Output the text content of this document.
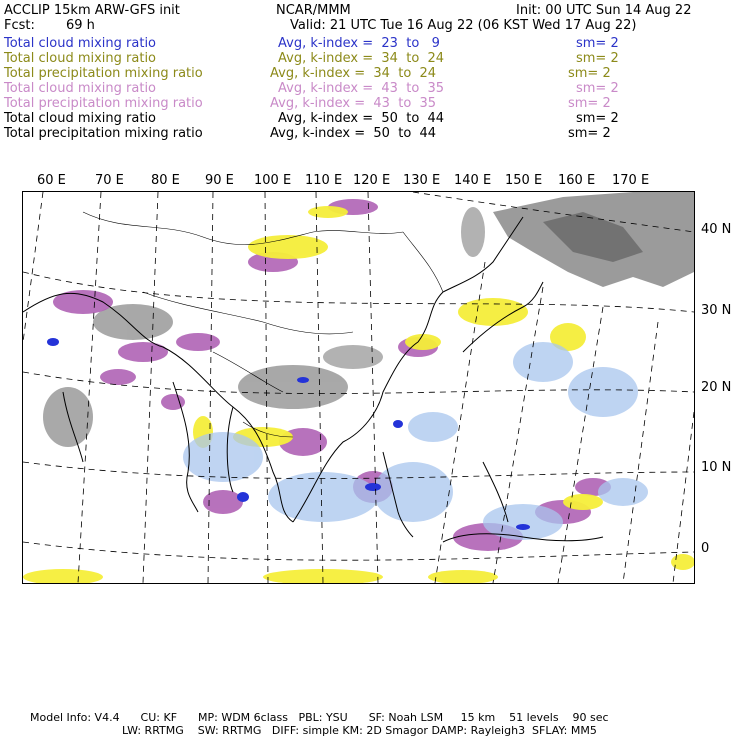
ACCLIP 15km ARW-GFS init	NCAR/MMM	Init: 00 UTC Sun 14 Aug 22
Fcst: 69 h	Valid: 21 UTC Tue 16 Aug 22 (06 KST Wed 17 Aug 22)
Total cloud mixing ratio	Avg, k-index =  23  to   9	sm= 2
Total cloud mixing ratio	Avg, k-index =  34  to  24	sm= 2
Total precipitation mixing ratio	Avg, k-index =  34  to  24	sm= 2
Total cloud mixing ratio	Avg, k-index =  43  to  35	sm= 2
Total precipitation mixing ratio	Avg, k-index =  43  to  35	sm= 2
Total cloud mixing ratio	Avg, k-index =  50  to  44	sm= 2
Total precipitation mixing ratio	Avg, k-index =  50  to  44	sm= 2
60 E 70 E 80 E 90 E 100 E 110 E 120 E 130 E 140 E 150 E 160 E 170 E
40 N
30 N
20 N
10 N
0
Model Info: V4.4      CU: KF      MP: WDM 6class   PBL: YSU      SF: Noah LSM     15 km    51 levels    90 sec
LW: RRTMG    SW: RRTMG   DIFF: simple KM: 2D Smagor DAMP: Rayleigh3  SFLAY: MM5
